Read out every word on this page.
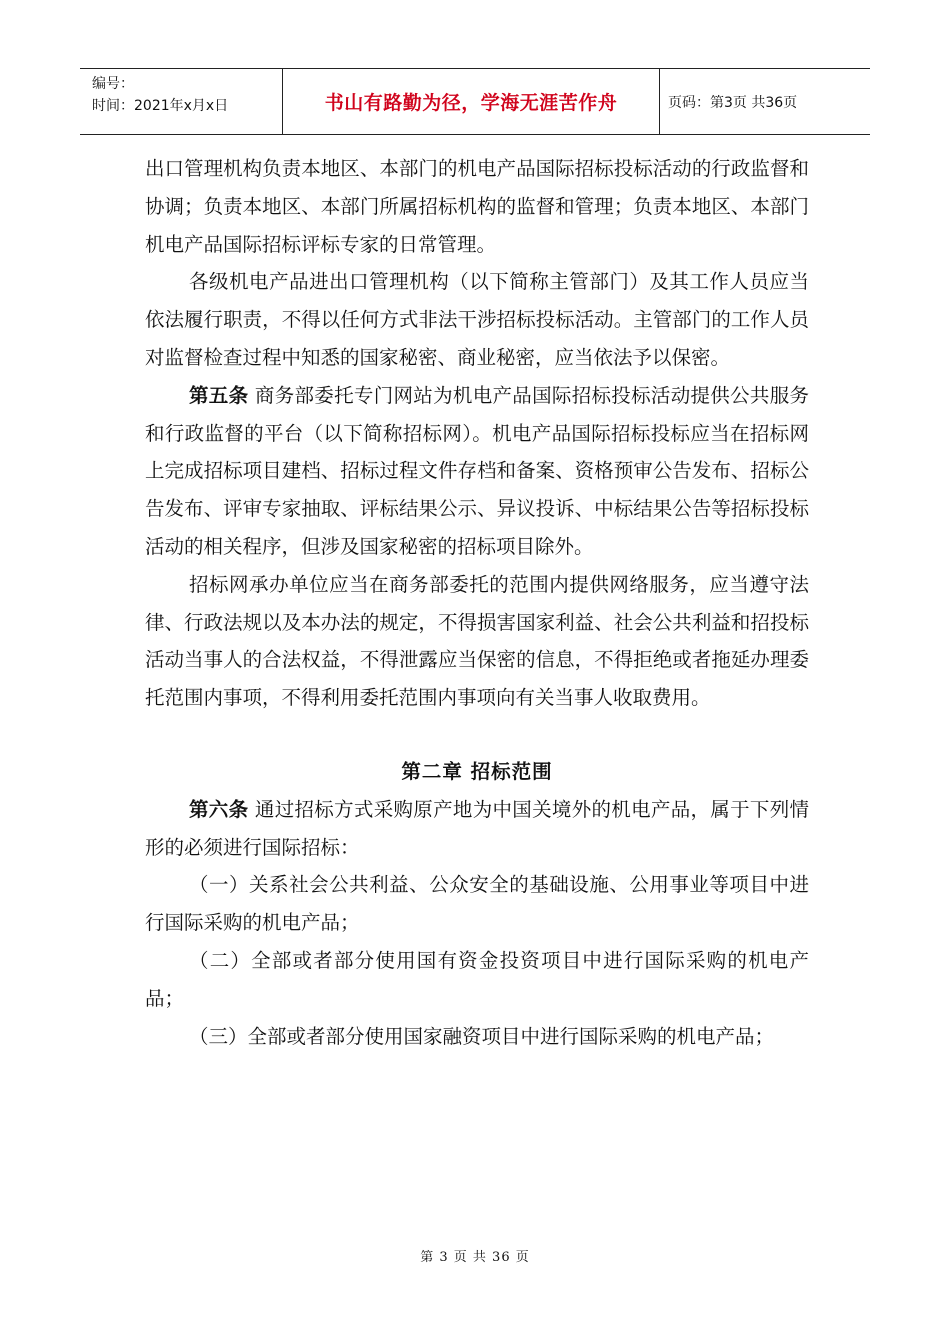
编号：
时间：2021年x月x日	书山有路勤为径，学海无涯苦作舟	页码：第3页 共36页

出口管理机构负责本地区、本部门的机电产品国际招标投标活动的行政监督和协调；负责本地区、本部门所属招标机构的监督和管理；负责本地区、本部门机电产品国际招标评标专家的日常管理。

各级机电产品进出口管理机构（以下简称主管部门）及其工作人员应当依法履行职责，不得以任何方式非法干涉招标投标活动。主管部门的工作人员对监督检查过程中知悉的国家秘密、商业秘密，应当依法予以保密。

第五条 商务部委托专门网站为机电产品国际招标投标活动提供公共服务和行政监督的平台（以下简称招标网）。机电产品国际招标投标应当在招标网上完成招标项目建档、招标过程文件存档和备案、资格预审公告发布、招标公告发布、评审专家抽取、评标结果公示、异议投诉、中标结果公告等招标投标活动的相关程序，但涉及国家秘密的招标项目除外。

招标网承办单位应当在商务部委托的范围内提供网络服务，应当遵守法律、行政法规以及本办法的规定，不得损害国家利益、社会公共利益和招投标活动当事人的合法权益，不得泄露应当保密的信息，不得拒绝或者拖延办理委托范围内事项，不得利用委托范围内事项向有关当事人收取费用。

第二章 招标范围

第六条 通过招标方式采购原产地为中国关境外的机电产品，属于下列情形的必须进行国际招标：

（一）关系社会公共利益、公众安全的基础设施、公用事业等项目中进行国际采购的机电产品；

（二）全部或者部分使用国有资金投资项目中进行国际采购的机电产品；

（三）全部或者部分使用国家融资项目中进行国际采购的机电产品；

第 3 页 共 36 页
